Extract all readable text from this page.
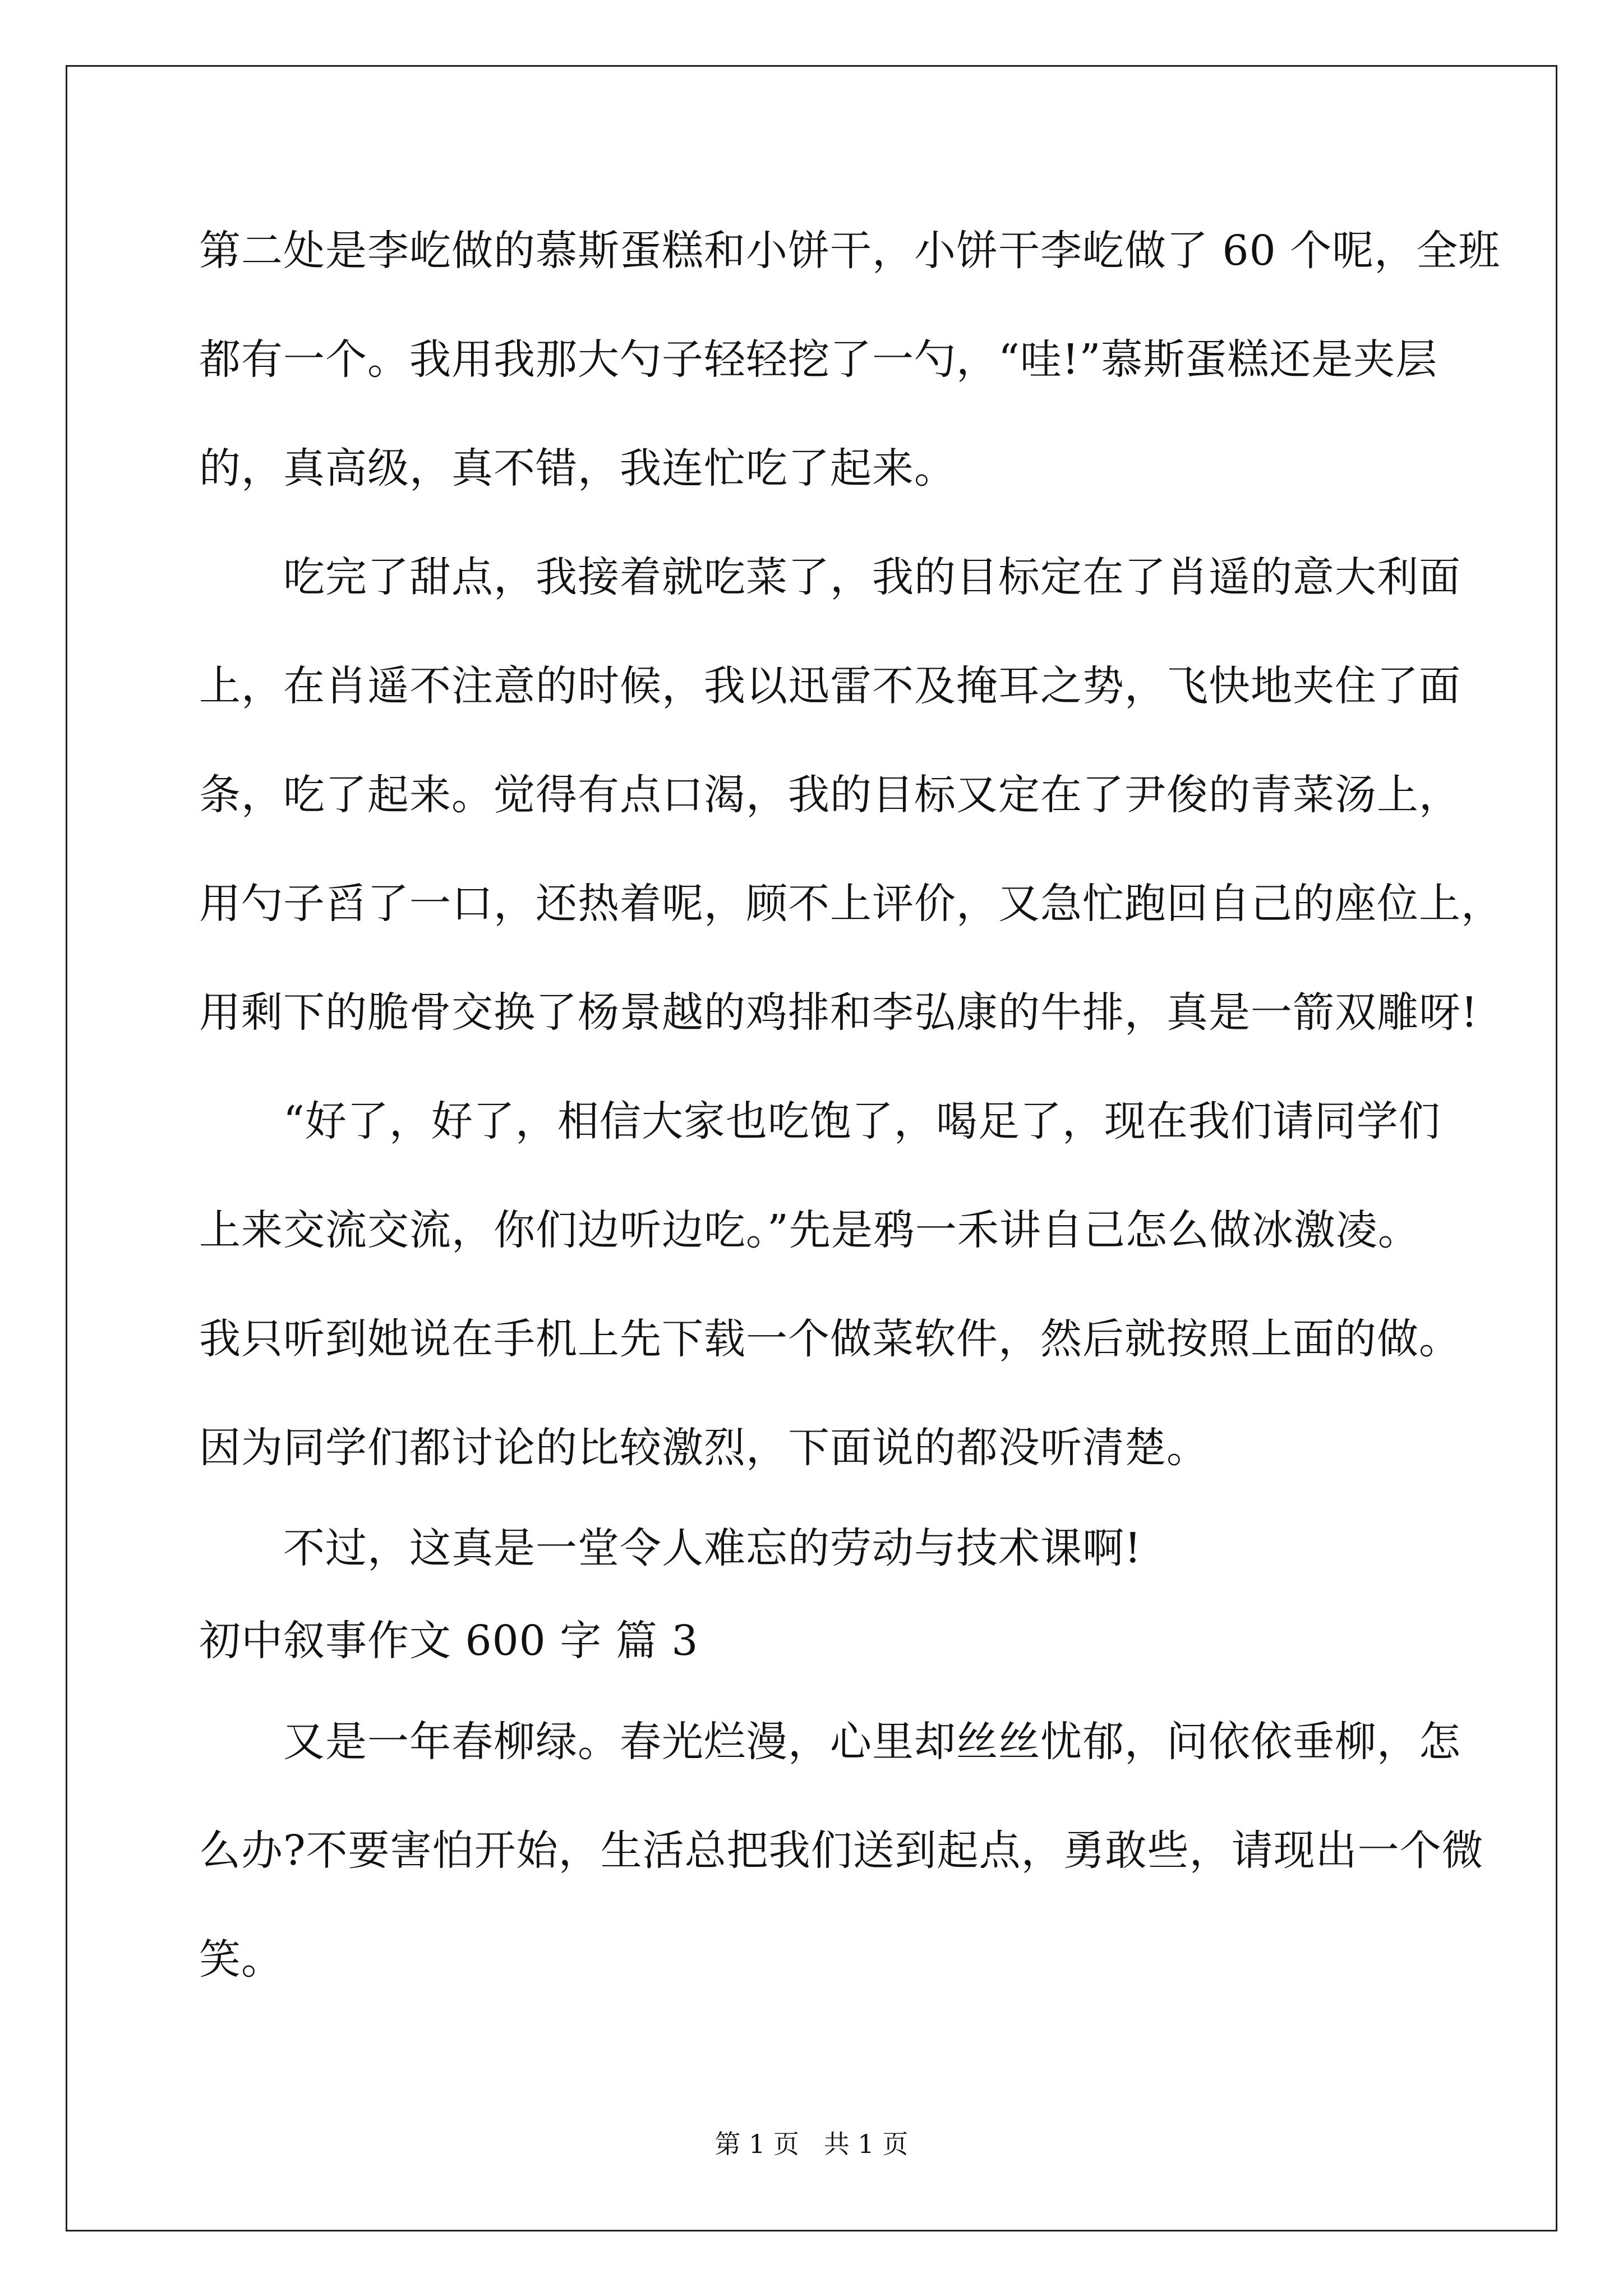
第二处是李屹做的慕斯蛋糕和小饼干，小饼干李屹做了 60 个呢，全班
都有一个。我用我那大勺子轻轻挖了一勺，“哇!”慕斯蛋糕还是夹层
的，真高级，真不错，我连忙吃了起来。
　　吃完了甜点，我接着就吃菜了，我的目标定在了肖遥的意大利面
上，在肖遥不注意的时候，我以迅雷不及掩耳之势，飞快地夹住了面
条，吃了起来。觉得有点口渴，我的目标又定在了尹俊的青菜汤上，
用勺子舀了一口，还热着呢，顾不上评价，又急忙跑回自己的座位上，
用剩下的脆骨交换了杨景越的鸡排和李弘康的牛排，真是一箭双雕呀!
　　“好了，好了，相信大家也吃饱了，喝足了，现在我们请同学们
上来交流交流，你们边听边吃。”先是鸦一禾讲自己怎么做冰激凌。
我只听到她说在手机上先下载一个做菜软件，然后就按照上面的做。
因为同学们都讨论的比较激烈，下面说的都没听清楚。
　　不过，这真是一堂令人难忘的劳动与技术课啊!
初中叙事作文 600 字 篇 3
　　又是一年春柳绿。春光烂漫，心里却丝丝忧郁，问依依垂柳，怎
么办?不要害怕开始，生活总把我们送到起点，勇敢些，请现出一个微
笑。
第 1 页   共 1 页
